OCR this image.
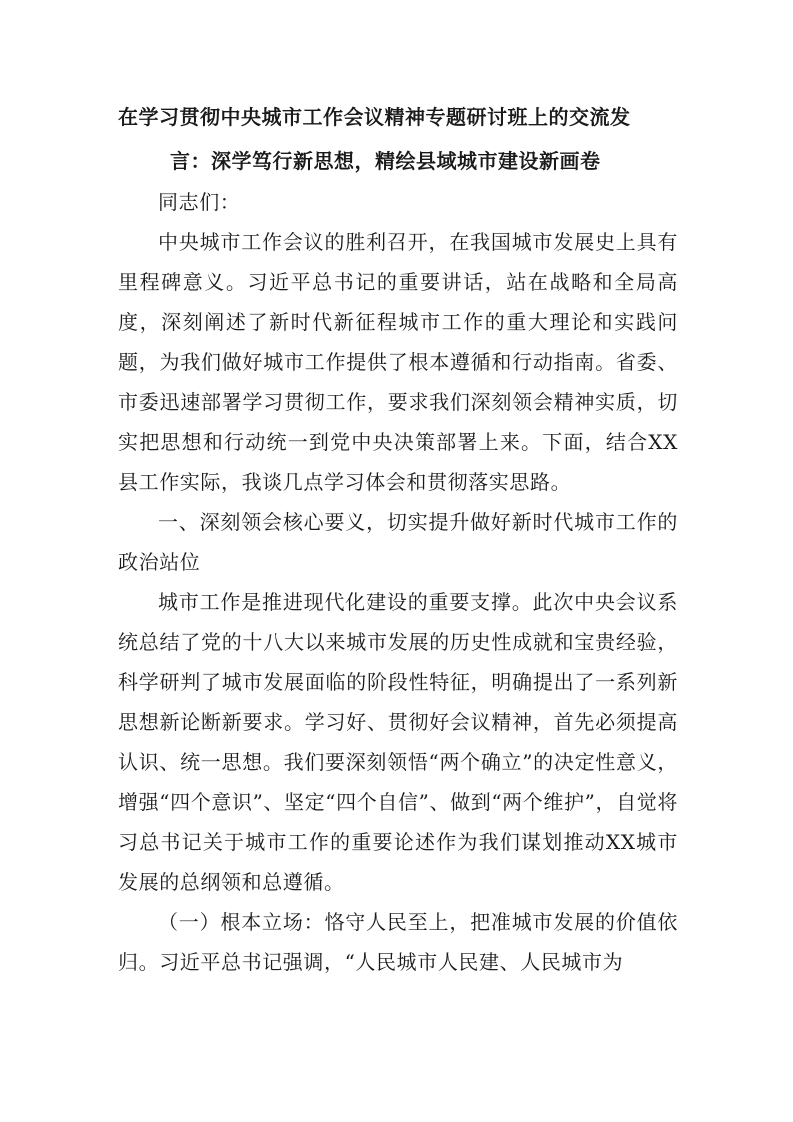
在学习贯彻中央城市工作会议精神专题研讨班上的交流发
言：深学笃行新思想，精绘县域城市建设新画卷

同志们：

中央城市工作会议的胜利召开，在我国城市发展史上具有里程碑意义。习近平总书记的重要讲话，站在战略和全局高度，深刻阐述了新时代新征程城市工作的重大理论和实践问题，为我们做好城市工作提供了根本遵循和行动指南。省委、市委迅速部署学习贯彻工作，要求我们深刻领会精神实质，切实把思想和行动统一到党中央决策部署上来。下面，结合XX县工作实际，我谈几点学习体会和贯彻落实思路。

一、深刻领会核心要义，切实提升做好新时代城市工作的政治站位

城市工作是推进现代化建设的重要支撑。此次中央会议系统总结了党的十八大以来城市发展的历史性成就和宝贵经验，科学研判了城市发展面临的阶段性特征，明确提出了一系列新思想新论断新要求。学习好、贯彻好会议精神，首先必须提高认识、统一思想。我们要深刻领悟“两个确立”的决定性意义，增强“四个意识”、坚定“四个自信”、做到“两个维护”，自觉将习总书记关于城市工作的重要论述作为我们谋划推动XX城市发展的总纲领和总遵循。

（一）根本立场：恪守人民至上，把准城市发展的价值依归。习近平总书记强调，“人民城市人民建、人民城市为
